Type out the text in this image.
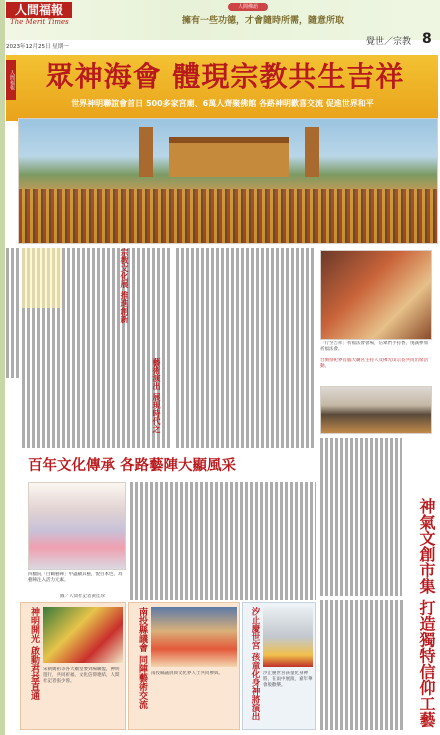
人間福報
The Merit Times
2023年12月25日 星期一
人間佛語
擁有一些功德，才會隨時所需，隨意所取
覺世／宗教 8
眾神海會 體現宗教共生吉祥
世界神明聯誼會首日 500多家宮廟、6萬人齊聚佛館 各路神明歡喜交流 促進世界和平
人間福報
宗教文化展 推進創新
藝術演出 展現時代之
「行至吉祥」祈福法會會場，信眾們手持香，虔誠參加祈福法會。
台灣祭祀界首腦大廟宮主持人及佛光山宗長共同出席活動。
神氣文創市集 打造獨特信仰工藝
百年文化傳承 各路藝陣大顯風采
四臘院「白鶴藝陣」中盡顯其藝，悅目本色，為藝陣注入活力元素。
圖／人間社記者黃佳珍
神明開光 啟動君益直通 宋朝媽祖等各大廟堂要到場聯盟，神明遊行，共同祈福，文化信仰連結，人間社記者張少蓉。	南投縣議會 同陣藝術交流 南投縣議員與文化界人士共同參與。	汐止慶世宮 孩童化身神將演出 汐止慶世宮孩童化身神將，在雨中展演，嘉年華會般歡樂。
